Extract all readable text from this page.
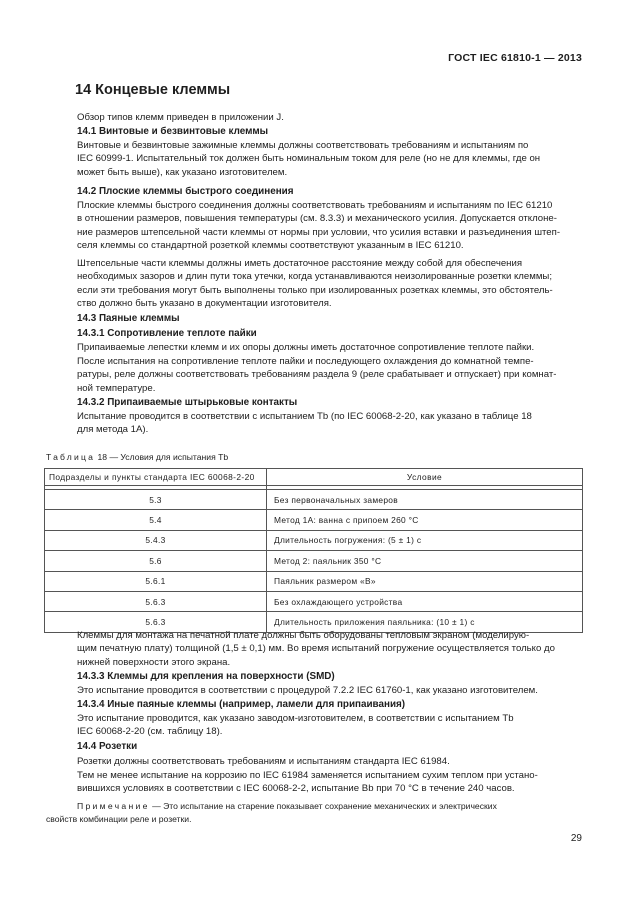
ГОСТ IEC 61810-1 — 2013
14 Концевые клеммы
Обзор типов клемм приведен в приложении J.
14.1 Винтовые и безвинтовые клеммы
Винтовые и безвинтовые зажимные клеммы должны соответствовать требованиям и испытаниям по
IEC 60999-1. Испытательный ток должен быть номинальным током для реле (но не для клеммы, где он
может быть выше), как указано изготовителем.
14.2 Плоские клеммы быстрого соединения
Плоские клеммы быстрого соединения должны соответствовать требованиям и испытаниям по IEC 61210
в отношении размеров, повышения температуры (см. 8.3.3) и механического усилия. Допускается отклоне-
ние размеров штепсельной части клеммы от нормы при условии, что усилия вставки и разъединения штеп-
селя клеммы со стандартной розеткой клеммы соответствуют указанным в IEC 61210.
Штепсельные части клеммы должны иметь достаточное расстояние между собой для обеспечения
необходимых зазоров и длин пути тока утечки, когда устанавливаются неизолированные розетки клеммы;
если эти требования могут быть выполнены только при изолированных розетках клеммы, это обстоятель-
ство должно быть указано в документации изготовителя.
14.3 Паяные клеммы
14.3.1 Сопротивление теплоте пайки
Припаиваемые лепестки клемм и их опоры должны иметь достаточное сопротивление теплоте пайки.
После испытания на сопротивление теплоте пайки и последующего охлаждения до комнатной темпе-
ратуры, реле должны соответствовать требованиям раздела 9 (реле срабатывает и отпускает) при комнат-
ной температуре.
14.3.2 Припаиваемые штырьковые контакты
Испытание проводится в соответствии с испытанием Tb (по IEC 60068-2-20, как указано в таблице 18
для метода 1А).
Таблица 18 — Условия для испытания Tb
Подразделы и пункты стандарта IEC 60068-2-20	Условие

5.3	Без первоначальных замеров
5.4	Метод 1А: ванна с припоем 260 °С
5.4.3	Длительность погружения: (5 ± 1) с
5.6	Метод 2: паяльник 350 °С
5.6.1	Паяльник размером «В»
5.6.3	Без охлаждающего устройства
5.6.3	Длительность приложения паяльника: (10 ± 1) с
Клеммы для монтажа на печатной плате должны быть оборудованы тепловым экраном (моделирую-
щим печатную плату) толщиной (1,5 ± 0,1) мм. Во время испытаний погружение осуществляется только до
нижней поверхности этого экрана.
14.3.3 Клеммы для крепления на поверхности (SMD)
Это испытание проводится в соответствии с процедурой 7.2.2 IEC 61760-1, как указано изготовителем.
14.3.4 Иные паяные клеммы (например, ламели для припаивания)
Это испытание проводится, как указано заводом-изготовителем, в соответствии с испытанием Tb
IEC 60068-2-20 (см. таблицу 18).
14.4 Розетки
Розетки должны соответствовать требованиям и испытаниям стандарта IEC 61984.
Тем не менее испытание на коррозию по IEC 61984 заменяется испытанием сухим теплом при устано-
вившихся условиях в соответствии с IEC 60068-2-2, испытание Bb при 70 °С в течение 240 часов.
Примечание — Это испытание на старение показывает сохранение механических и электрических
свойств комбинации реле и розетки.
29
